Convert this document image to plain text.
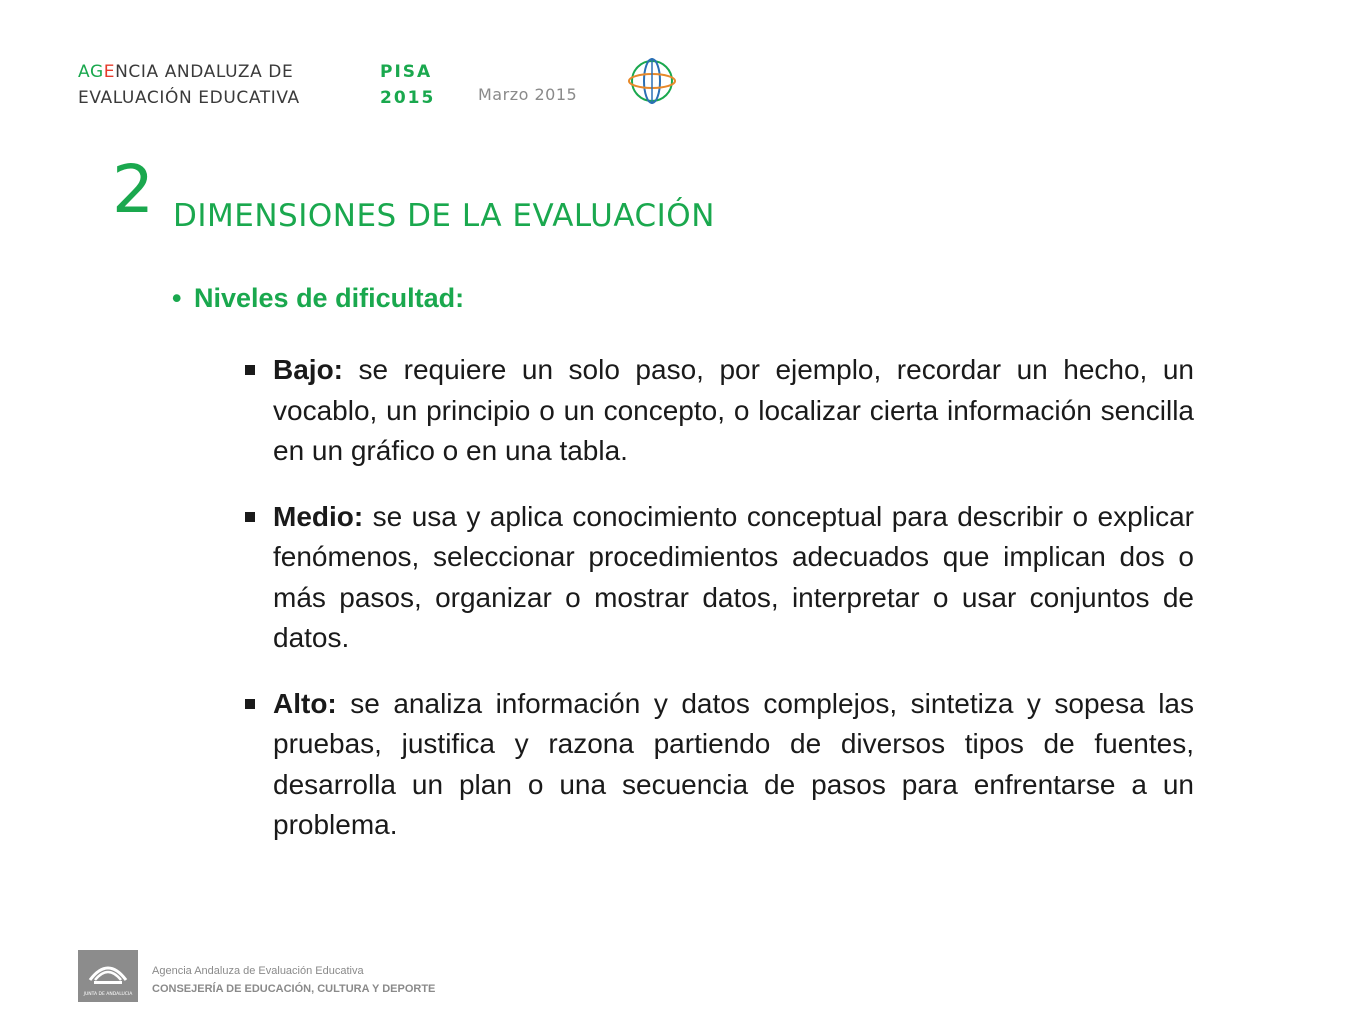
AGENCIA ANDALUZA DE
EVALUACIÓN EDUCATIVA
PISA
2015	Marzo 2015
2 DIMENSIONES DE LA EVALUACIÓN
• Niveles de dificultad:
Bajo: se requiere un solo paso, por ejemplo, recordar un hecho, un vocablo, un principio o un concepto, o localizar cierta información sencilla en un gráfico o en una tabla.
Medio: se usa y aplica conocimiento conceptual para describir o explicar fenómenos, seleccionar procedimientos adecuados que implican dos o más pasos, organizar o mostrar datos, interpretar o usar conjuntos de datos.
Alto: se analiza información y datos complejos, sintetiza y sopesa las pruebas, justifica y razona partiendo de diversos tipos de fuentes, desarrolla un plan o una secuencia de pasos para enfrentarse a un problema.
JUNTA DE ANDALUCIA
Agencia Andaluza de Evaluación Educativa
CONSEJERÍA DE EDUCACIÓN, CULTURA Y DEPORTE
